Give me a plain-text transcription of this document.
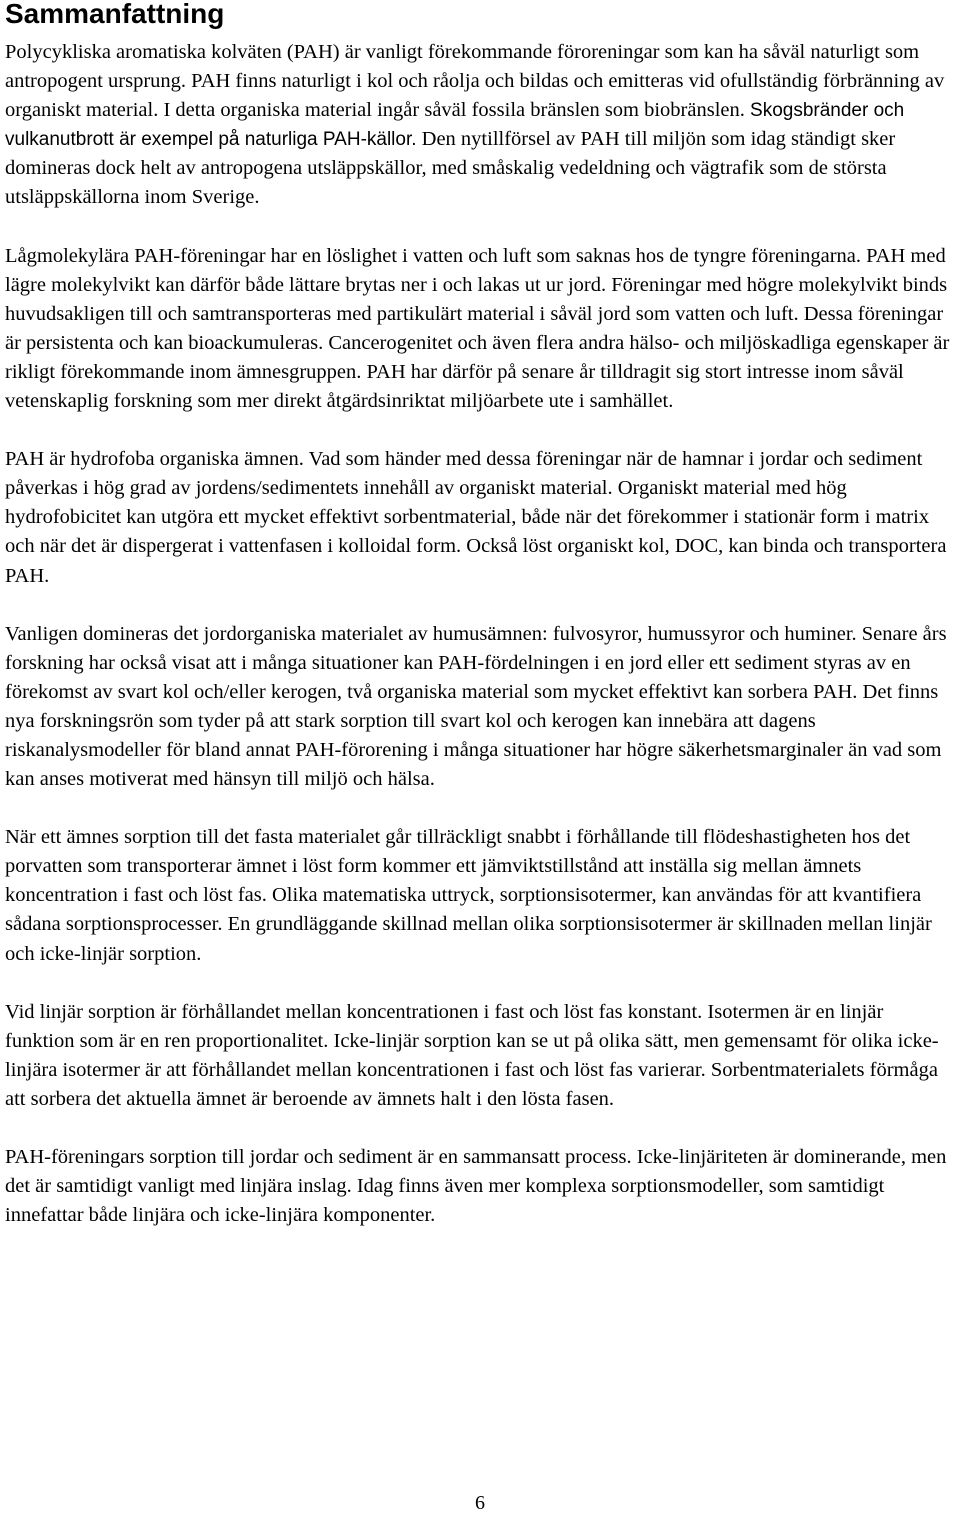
Sammanfattning

Polycykliska aromatiska kolväten (PAH) är vanligt förekommande föroreningar som kan ha såväl naturligt som antropogent ursprung. PAH finns naturligt i kol och råolja och bildas och emitteras vid ofullständig förbränning av organiskt material. I detta organiska material ingår såväl fossila bränslen som biobränslen. Skogsbränder och vulkanutbrott är exempel på naturliga PAH-källor. Den nytillförsel av PAH till miljön som idag ständigt sker domineras dock helt av antropogena utsläppskällor, med småskalig vedeldning och vägtrafik som de största utsläppskällorna inom Sverige.

Lågmolekylära PAH-föreningar har en löslighet i vatten och luft som saknas hos de tyngre föreningarna. PAH med lägre molekylvikt kan därför både lättare brytas ner i och lakas ut ur jord. Föreningar med högre molekylvikt binds huvudsakligen till och samtransporteras med partikulärt material i såväl jord som vatten och luft. Dessa föreningar är persistenta och kan bioackumuleras. Cancerogenitet och även flera andra hälso- och miljöskadliga egenskaper är rikligt förekommande inom ämnesgruppen. PAH har därför på senare år tilldragit sig stort intresse inom såväl vetenskaplig forskning som mer direkt åtgärdsinriktat miljöarbete ute i samhället.

PAH är hydrofoba organiska ämnen. Vad som händer med dessa föreningar när de hamnar i jordar och sediment påverkas i hög grad av jordens/sedimentets innehåll av organiskt material. Organiskt material med hög hydrofobicitet kan utgöra ett mycket effektivt sorbentmaterial, både när det förekommer i stationär form i matrix och när det är dispergerat i vattenfasen i kolloidal form. Också löst organiskt kol, DOC, kan binda och transportera PAH.

Vanligen domineras det jordorganiska materialet av humusämnen: fulvosyror, humussyror och huminer. Senare års forskning har också visat att i många situationer kan PAH-fördelningen i en jord eller ett sediment styras av en förekomst av svart kol och/eller kerogen, två organiska material som mycket effektivt kan sorbera PAH. Det finns nya forskningsrön som tyder på att stark sorption till svart kol och kerogen kan innebära att dagens riskanalysmodeller för bland annat PAH-förorening i många situationer har högre säkerhetsmarginaler än vad som kan anses motiverat med hänsyn till miljö och hälsa.

När ett ämnes sorption till det fasta materialet går tillräckligt snabbt i förhållande till flödeshastigheten hos det porvatten som transporterar ämnet i löst form kommer ett jämviktstillstånd att inställa sig mellan ämnets koncentration i fast och löst fas. Olika matematiska uttryck, sorptionsisotermer, kan användas för att kvantifiera sådana sorptionsprocesser. En grundläggande skillnad mellan olika sorptionsisotermer är skillnaden mellan linjär och icke-linjär sorption.

Vid linjär sorption är förhållandet mellan koncentrationen i fast och löst fas konstant. Isotermen är en linjär funktion som är en ren proportionalitet. Icke-linjär sorption kan se ut på olika sätt, men gemensamt för olika icke-linjära isotermer är att förhållandet mellan koncentrationen i fast och löst fas varierar. Sorbentmaterialets förmåga att sorbera det aktuella ämnet är beroende av ämnets halt i den lösta fasen.

PAH-föreningars sorption till jordar och sediment är en sammansatt process. Icke-linjäriteten är dominerande, men det är samtidigt vanligt med linjära inslag. Idag finns även mer komplexa sorptionsmodeller, som samtidigt innefattar både linjära och icke-linjära komponenter.

6
